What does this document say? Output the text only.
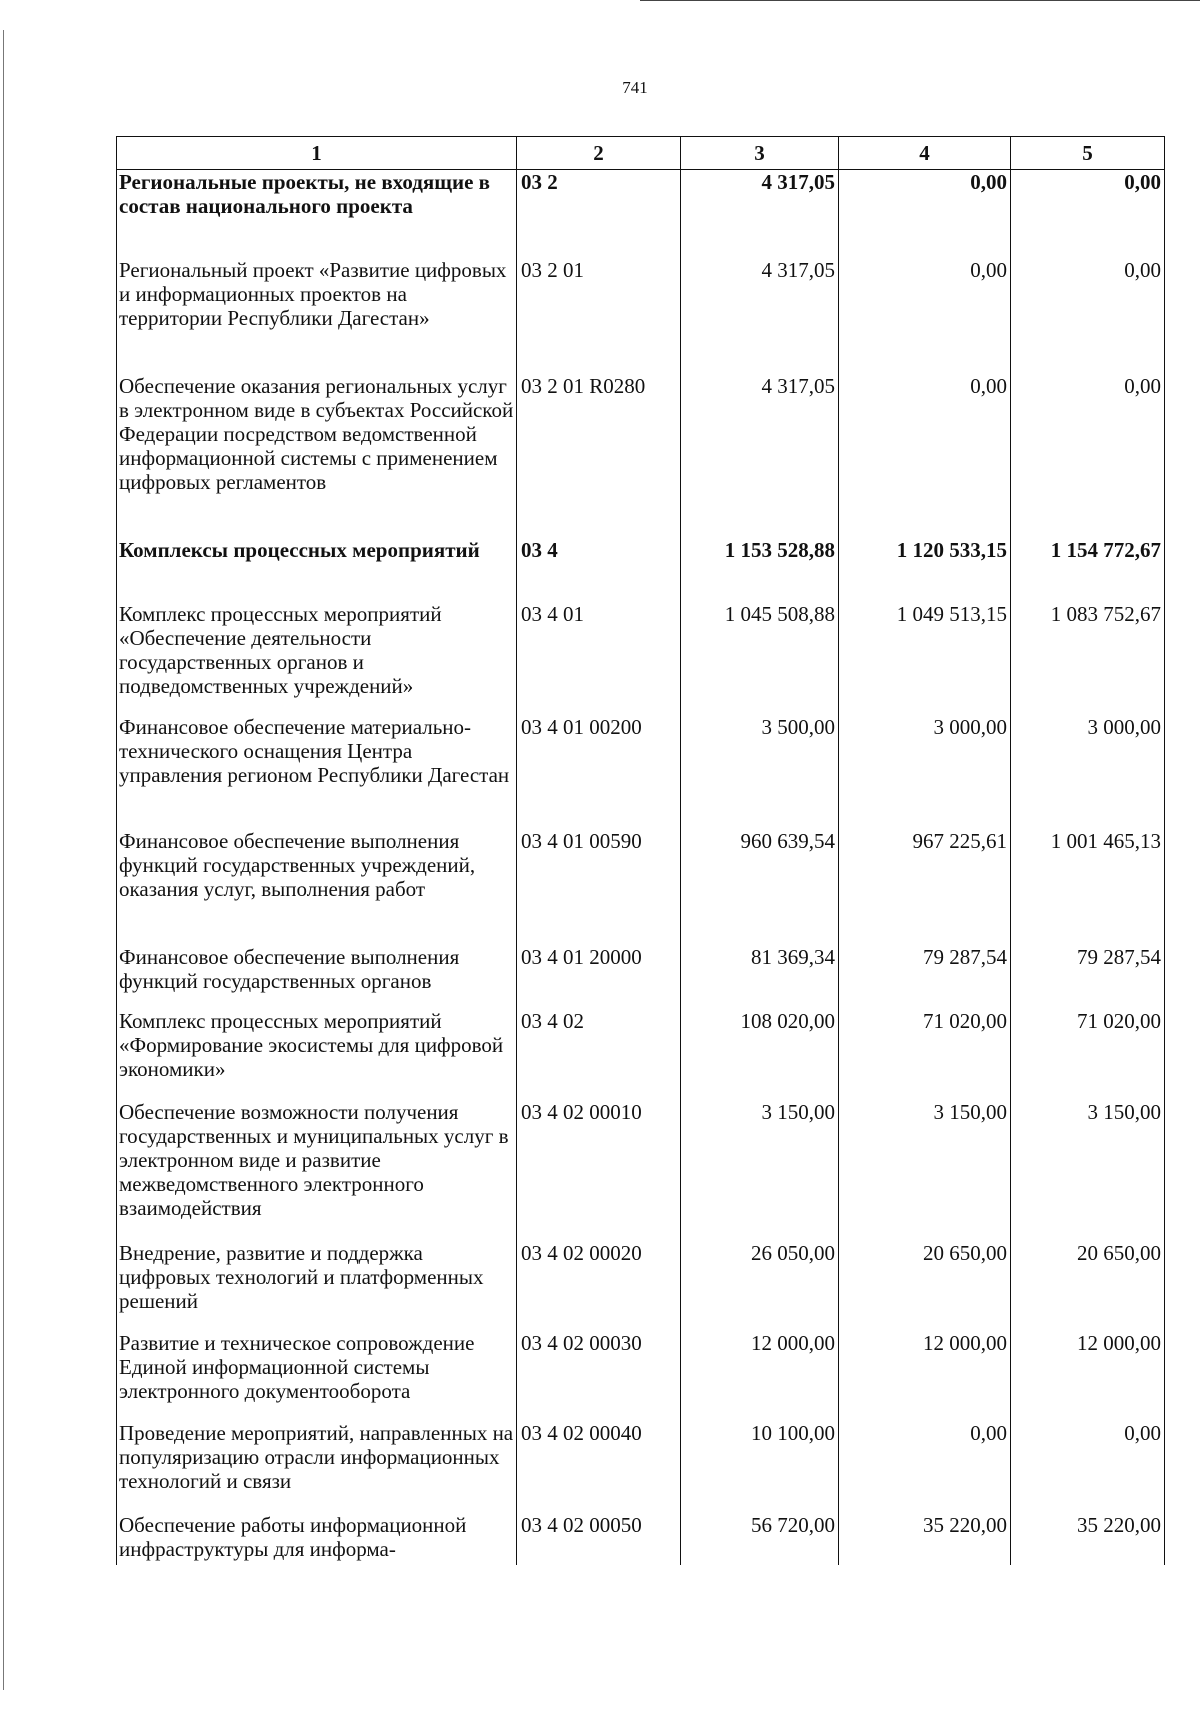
741
1	2	3	4	5
Региональные проекты, не входящие в состав национального проекта	03 2	4 317,05	0,00	0,00
Региональный проект «Развитие цифровых и информационных проектов на территории Республики Дагестан»	03 2 01	4 317,05	0,00	0,00
Обеспечение оказания региональных услуг в электронном виде в субъектах Российской Федерации посредством ведомственной информационной системы с применением цифровых регламентов	03 2 01 R0280	4 317,05	0,00	0,00
Комплексы процессных мероприятий	03 4	1 153 528,88	1 120 533,15	1 154 772,67
Комплекс процессных мероприятий «Обеспечение деятельности государственных органов и подведомственных учреждений»	03 4 01	1 045 508,88	1 049 513,15	1 083 752,67
Финансовое обеспечение материально-технического оснащения Центра управления регионом Республики Дагестан	03 4 01 00200	3 500,00	3 000,00	3 000,00
Финансовое обеспечение выполнения функций государственных учреждений, оказания услуг, выполнения работ	03 4 01 00590	960 639,54	967 225,61	1 001 465,13
Финансовое обеспечение выполнения функций государственных органов	03 4 01 20000	81 369,34	79 287,54	79 287,54
Комплекс процессных мероприятий «Формирование экосистемы для цифровой экономики»	03 4 02	108 020,00	71 020,00	71 020,00
Обеспечение возможности получения государственных и муниципальных услуг в электронном виде и развитие межведомственного электронного взаимодействия	03 4 02 00010	3 150,00	3 150,00	3 150,00
Внедрение, развитие и поддержка цифровых технологий и платформенных решений	03 4 02 00020	26 050,00	20 650,00	20 650,00
Развитие и техническое сопровождение Единой информационной системы электронного документооборота	03 4 02 00030	12 000,00	12 000,00	12 000,00
Проведение мероприятий, направленных на популяризацию отрасли информационных технологий и связи	03 4 02 00040	10 100,00	0,00	0,00
Обеспечение работы информационной инфраструктуры для информа-	03 4 02 00050	56 720,00	35 220,00	35 220,00
